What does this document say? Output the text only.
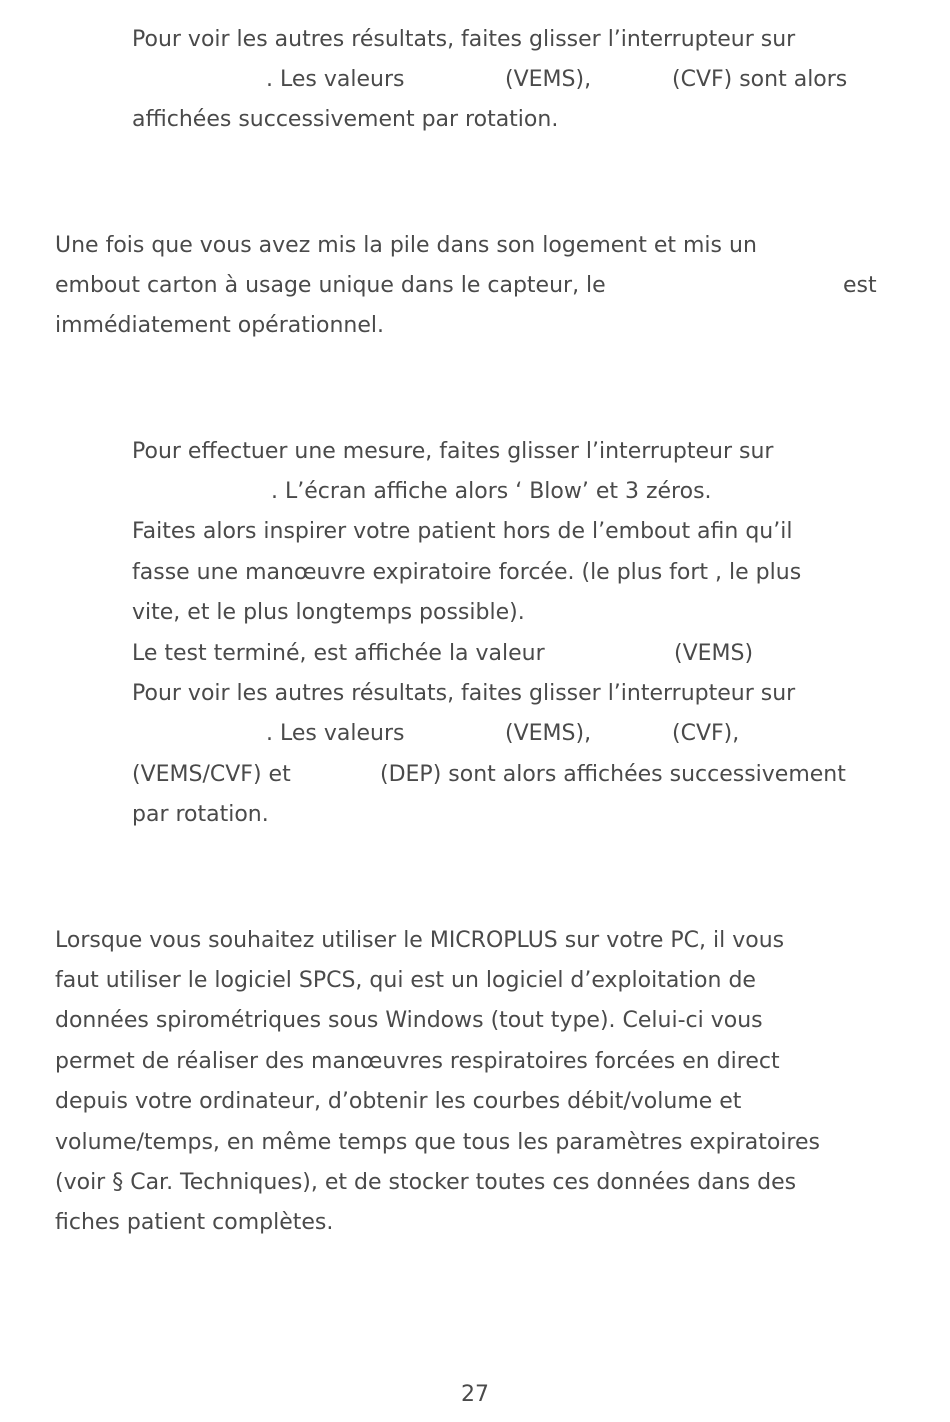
Pour voir les autres résultats, faites glisser l’interrupteur sur

. Les valeurs	(VEMS),	(CVF) sont alors

affichées successivement par rotation.

Une fois que vous avez mis la pile dans son logement et mis un

embout carton à usage unique dans le capteur, le	est

immédiatement opérationnel.

Pour effectuer une mesure, faites glisser l’interrupteur sur

. L’écran affiche alors ‘ Blow’ et 3 zéros.

Faites alors inspirer votre patient hors de l’embout afin qu’il

fasse une manœuvre expiratoire forcée. (le plus fort , le plus

vite, et le plus longtemps possible).

Le test terminé, est affichée la valeur	(VEMS)

Pour voir les autres résultats, faites glisser l’interrupteur sur

. Les valeurs	(VEMS),	(CVF),

(VEMS/CVF) et	(DEP) sont alors affichées successivement

par rotation.

Lorsque vous souhaitez utiliser le MICROPLUS sur votre PC, il vous

faut utiliser le logiciel SPCS, qui est un logiciel d’exploitation de

données spirométriques sous Windows (tout type). Celui-ci vous

permet de réaliser des manœuvres respiratoires forcées en direct

depuis votre ordinateur, d’obtenir les courbes débit/volume et

volume/temps, en même temps que tous les paramètres expiratoires

(voir § Car. Techniques), et de stocker toutes ces données dans des

fiches patient complètes.

27
